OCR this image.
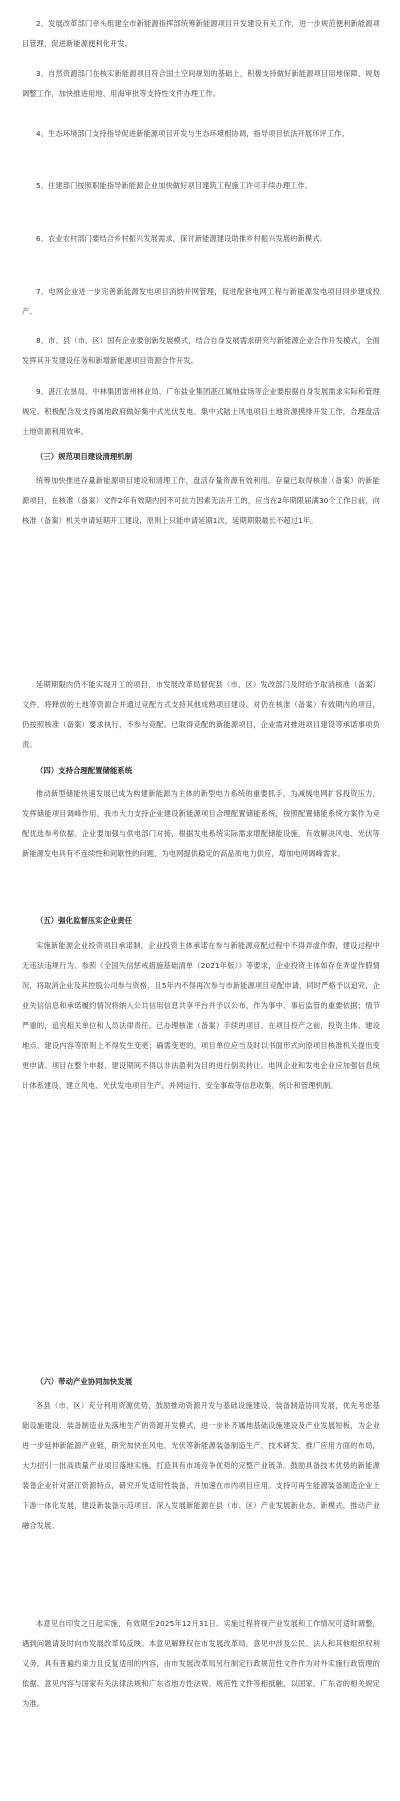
2、发展改革部门牵头组建全市新能源指挥部统筹新能源项目开发建设有关工作，进一步规范便利新能源项目管理，促进新能源便利化开发。

3、自然资源部门在核实新能源项目符合国土空间规划的基础上，积极支持做好新能源项目用地保障、规划调整工作，加快推进用地、用海审批等支持性文件办理工作。

4、生态环境部门支持指导促进新能源项目开发与生态环境相协调，指导项目依法开展环评工作。

5、住建部门按照职能指导新能源企业加快做好项目建筑工程施工许可手续办理工作。

6、农业农村部门要结合乡村振兴发展需求，探讨新能源建设助推乡村振兴发展的新模式。

7、电网企业进一步完善新能源发电项目消纳并网管理，促进配套电网工程与新能源发电项目同步建成投产。

8、市、县（市、区）国有企业要创新发展模式，结合自身发展需求研究与新能源企业合作开发模式，全面发挥其开发建设任务和新增新能源项目资源合作开发。

9、湛江农垦局、中林集团雷州林业局、广东盐业集团湛江属地盐场等企业要根据自身发展需求实际和管理规定，积极配合及支持属地政府做好集中式光伏发电、集中式陆上风电项目土地资源摸排开发工作，合理盘活土地资源利用效率。

（三）规范项目建设清理机制

统筹加快推进存量新能源项目建设和清理工作，盘活存量资源有效利用。存量已取得核准（备案）的新能源项目，在核准（备案）文件2年有效期内因不可抗力因素无法开工的，应当在2年期限届满30个工作日前，向核准（备案）机关申请延期开工建设，原则上只能申请延期1次，延期期限最长不超过1年。

延期期限内仍不能实现开工的项目，市发展改革局督促县（市、区）发改部门及时给予取消核准（备案）文件，将释放的土地等资源合并通过竞配方式支持其他成熟项目建设。对仍在核准（备案）有效期内的项目，仍按照核准（备案）要求执行，不参与竞配。已取得竞配的新能源项目，企业需对推进项目建设等承诺事项负责。

（四）支持合理配置储能系统

推动新型储能快速发展已成为构建新能源为主体的新型电力系统的重要抓手，为减缓电网扩容投资压力，发挥储能项目调峰作用，我市大力支持企业建设新能源项目合理配置储能系统，按照配置储能系统方案作为竞配优选参考依据。企业要加强与供电部门对接，根据发电系统实际需求增配储能设施，有效解决风电、光伏等新能源发电具有不连续性和间歇性的问题，为电网提供稳定的高品质电力供应，增加电网调峰需求。

（五）强化监督压实企业责任

实施新能源企业投资项目承诺制，企业投资主体承诺在参与新能源竞配过程中不得弄虚作假，建设过程中无违法违规行为。参照《全国失信惩戒措施基础清单（2021年版）》等要求，企业投资主体如存在弄虚作假情况，将取消企业及其控股公司参与资格，且5年内不得再次参与市新能源项目竞配申请，同时严格予以追究，企业失信信息和承诺履约情况将纳入公共信用信息共享平台并予以公布，作为事中、事后监管的重要依据；情节严重的，追究相关单位和人员法律责任。已办理核准（备案）手续的项目，在项目投产之前，投资主体、建设地点、建设内容等原则上不得发生变更；确需变更的，项目单位应当及时以书面形式向原项目核准机关提出变更申请。项目在整个申报、建设期间不得以非法盈利为目的进行倒卖转让。电网企业和发电企业应加强信息统计体系建设，建立风电、光伏发电项目生产、并网运行、安全事故等信息收集、统计和管理机制。

（六）带动产业协同加快发展

各县（市、区）充分利用资源优势，鼓励推动资源开发与基础设施建设、装备制造协同发展，优先考虑基础设施建设、装备制造业先落地生产的资源开发模式，进一步补齐属地基础设施建设及产业发展短板，为企业进一步延伸新能源产业链，研究加快在风电、光伏等新能源装备制造生产、技术研发、推广应用方面的布局，大力招引一批高质量产业项目落地实施，打造具有市场竞争优势的完整产业链条。鼓励具备技术优势的新能源装备企业针对湛江资源特点，研究开发适用性装备，并加速在市内项目应用。支持可再生能源装备制造企业上下游一体化发展，建设新装备示范项目。深入发展新能源在县（市、区）产业发展新业态、新模式，推动产业融合发展。

本意见自印发之日起实施，有效期至2025年12月31日。实施过程将视产业发展和工作情况可适时调整，遇到问题请及时向市发展改革局反映。本意见解释权在市发展改革局。意见中涉及公民、法人和其他组织权利义务，具有普遍约束力且反复适用的内容，由市发展改革局另行制定行政规范性文件作为对外实施行政管理的依据。意见内容与国家有关法律法规和广东省地方性法规、规范性文件等相抵触，以国家、广东省的相关规定为准。
